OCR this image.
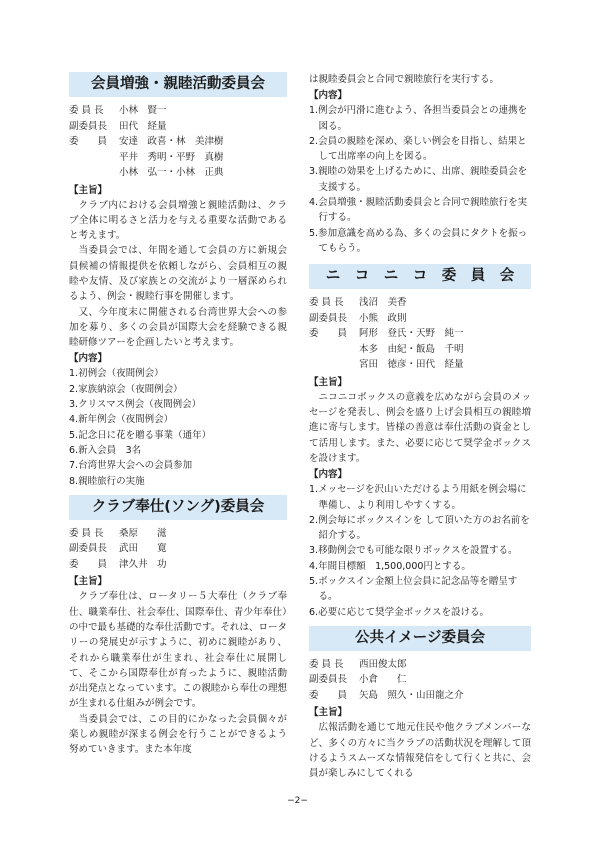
会員増強・親睦活動委員会
委 員 長	小林　賢一
副委員長	田代　経量
委　　員	安達　政喜・林　美津樹
平井　秀明・平野　真樹
小林　弘一・小林　正典
【主旨】

クラブ内における会員増強と親睦活動は、クラブ全体に明るさと活力を与える重要な活動であると考えます。

当委員会では、年間を通して会員の方に新規会員候補の情報提供を依頼しながら、会員相互の親睦や友情、及び家族との交流がより一層深められるよう、例会・親睦行事を開催します。

又、今年度末に開催される台湾世界大会への参加を募り、多くの会員が国際大会を経験できる親睦研修ツアーを企画したいと考えます。

【内容】
1.初例会（夜間例会）
2.家族納涼会（夜間例会）
3.クリスマス例会（夜間例会）
4.新年例会（夜間例会）
5.記念日に花を贈る事業（通年）
6.新入会員　3名
7.台湾世界大会への会員参加
8.親睦旅行の実施
クラブ奉仕(ソング)委員会
委 員 長	桑原　　滋
副委員長	武田　　寛
委　　員	津久井　功
【主旨】

クラブ奉仕は、ロータリー５大奉仕（クラブ奉仕、職業奉仕、社会奉仕、国際奉仕、青少年奉仕）の中で最も基礎的な奉仕活動です。それは、ロータリーの発展史が示すように、初めに親睦があり、それから職業奉仕が生まれ、社会奉仕に展開して、そこから国際奉仕が育ったように、親睦活動が出発点となっています。この親睦から奉仕の理想が生まれる仕組みが例会です。

当委員会では、この目的にかなった会員個々が楽しめ親睦が深まる例会を行うことができるよう努めていきます。また本年度

は親睦委員会と合同で親睦旅行を実行する。

【内容】
1.例会が円滑に進むよう、各担当委員会との連携を図る。
2.会員の親睦を深め、楽しい例会を目指し、結果として出席率の向上を図る。
3.親睦の効果を上げるために、出席、親睦委員会を支援する。
4.会員増強・親睦活動委員会と合同で親睦旅行を実行する。
5.参加意識を高める為、多くの会員にタクトを振ってもらう。
ニ　コ　ニ　コ　委　員　会
委 員 長	浅沼　美香
副委員長	小熊　政則
委　　員	阿形　登氏・天野　純一
本多　由紀・飯島　千明
宮田　徳彦・田代　経量
【主旨】

ニコニコボックスの意義を広めながら会員のメッセージを発表し、例会を盛り上げ会員相互の親睦増進に寄与します。皆様の善意は奉仕活動の資金として活用します。また、必要に応じて奨学金ボックスを設けます。

【内容】
1.メッセージを沢山いただけるよう用紙を例会場に準備し、より利用しやすくする。
2.例会毎にボックスインを して頂いた方のお名前を紹介する。
3.移動例会でも可能な限りボックスを設置する。
4.年間目標額　1,500,000円とする。
5.ボックスイン金額上位会員に記念品等を贈呈する。
6.必要に応じて奨学金ボックスを設ける。
公共イメージ委員会
委 員 長	西田俊太郎
副委員長	小倉　　仁
委　　員	矢島　照久・山田龍之介
【主旨】

広報活動を通じて地元住民や他クラブメンバーなど、多くの方々に当クラブの活動状況を理解して頂けるようスムーズな情報発信をして行くと共に、会員が楽しみにしてくれる

−2−
